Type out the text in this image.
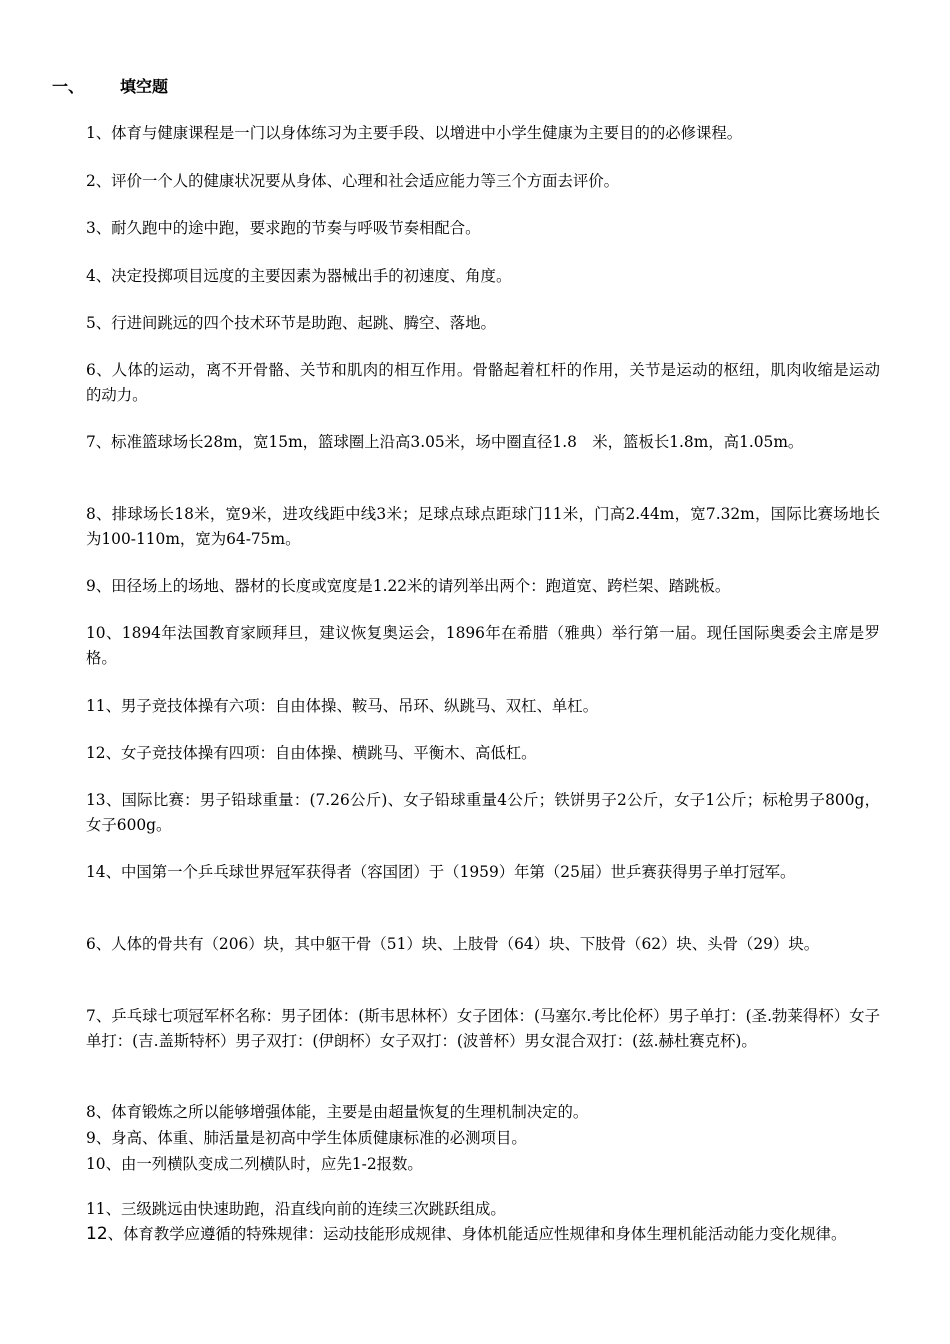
一、 填空题
1、体育与健康课程是一门以身体练习为主要手段、以增进中小学生健康为主要目的的必修课程。
2、评价一个人的健康状况要从身体、心理和社会适应能力等三个方面去评价。
3、耐久跑中的途中跑，要求跑的节奏与呼吸节奏相配合。
4、决定投掷项目远度的主要因素为器械出手的初速度、角度。
5、行进间跳远的四个技术环节是助跑、起跳、腾空、落地。
6、人体的运动，离不开骨骼、关节和肌肉的相互作用。骨骼起着杠杆的作用，关节是运动的枢纽，肌肉收缩是运动的动力。
7、标准篮球场长28m，宽15m，篮球圈上沿高3.05米，场中圈直径1.8　米，篮板长1.8m，高1.05m。
8、排球场长18米，宽9米，进攻线距中线3米；足球点球点距球门11米，门高2.44m，宽7.32m，国际比赛场地长为100-110m，宽为64-75m。
9、田径场上的场地、器材的长度或宽度是1.22米的请列举出两个：跑道宽、跨栏架、踏跳板。
10、1894年法国教育家顾拜旦，建议恢复奥运会，1896年在希腊（雅典）举行第一届。现任国际奥委会主席是罗格。
11、男子竞技体操有六项：自由体操、鞍马、吊环、纵跳马、双杠、单杠。
12、女子竞技体操有四项：自由体操、横跳马、平衡木、高低杠。
13、国际比赛：男子铅球重量：(7.26公斤)、女子铅球重量4公斤；铁饼男子2公斤，女子1公斤；标枪男子800g，女子600g。
14、中国第一个乒乓球世界冠军获得者（容国团）于（1959）年第（25届）世乒赛获得男子单打冠军。
6、人体的骨共有（206）块，其中躯干骨（51）块、上肢骨（64）块、下肢骨（62）块、头骨（29）块。
7、乒乓球七项冠军杯名称：男子团体：(斯韦思林杯）女子团体：(马塞尔.考比伦杯）男子单打：(圣.勃莱得杯）女子单打：(吉.盖斯特杯）男子双打：(伊朗杯）女子双打：(波普杯）男女混合双打：(兹.赫杜赛克杯)。
8、体育锻炼之所以能够增强体能，主要是由超量恢复的生理机制决定的。
9、身高、体重、肺活量是初高中学生体质健康标准的必测项目。
10、由一列横队变成二列横队时，应先1-2报数。
11、三级跳远由快速助跑，沿直线向前的连续三次跳跃组成。
12、体育教学应遵循的特殊规律：运动技能形成规律、身体机能适应性规律和身体生理机能活动能力变化规律。
